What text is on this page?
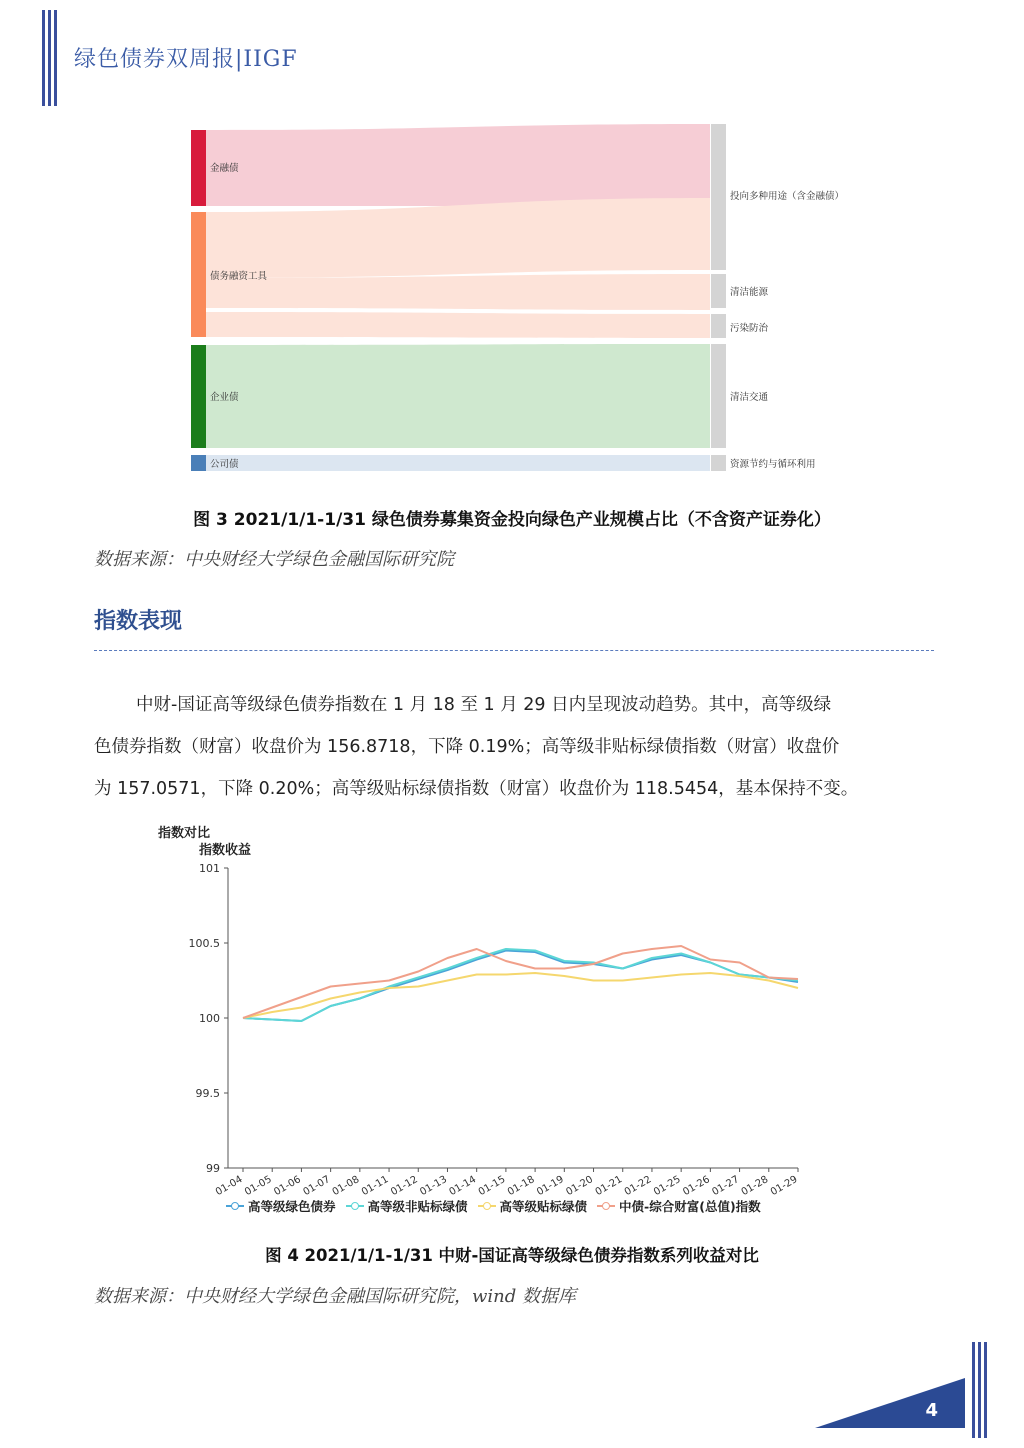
绿色债券双周报|IIGF
金融债
债务融资工具
企业债
公司债
投向多种用途（含金融债）
清洁能源
污染防治
清洁交通
资源节约与循环利用
图 3 2021/1/1-1/31 绿色债券募集资金投向绿色产业规模占比（不含资产证券化）
数据来源：中央财经大学绿色金融国际研究院
指数表现

中财-国证高等级绿色债券指数在 1 月 18 至 1 月 29 日内呈现波动趋势。其中，高等级绿

色债券指数（财富）收盘价为 156.8718，下降 0.19%；高等级非贴标绿债指数（财富）收盘价

为 157.0571，下降 0.20%；高等级贴标绿债指数（财富）收盘价为 118.5454，基本保持不变。

指数对比
指数收益
101
100.5
100
99.5
99
01-04
01-05
01-06
01-07
01-08
01-11
01-12
01-13
01-14
01-15
01-18
01-19
01-20
01-21
01-22
01-25
01-26
01-27
01-28
01-29
高等级绿色债券	高等级非贴标绿债	高等级贴标绿债	中债-综合财富(总值)指数
图 4 2021/1/1-1/31 中财-国证高等级绿色债券指数系列收益对比
数据来源：中央财经大学绿色金融国际研究院，wind 数据库
4
